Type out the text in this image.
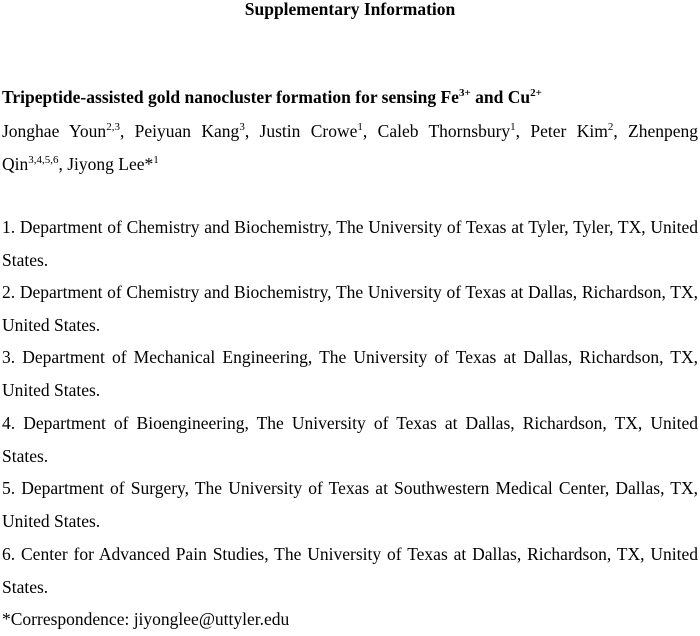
Supplementary Information
Tripeptide-assisted gold nanocluster formation for sensing $Fe^{3+}$ and $Cu^{2+}$
Jonghae Youn$^{2,3}$, Peiyuan Kang$^3$, Justin Crowe$^1$, Caleb Thornsbury$^1$, Peter Kim$^2$, Zhenpeng Qin$^{3,4,5,6}$, Jiyong Lee*$^1$
1. Department of Chemistry and Biochemistry, The University of Texas at Tyler, Tyler, TX, United States.
2. Department of Chemistry and Biochemistry, The University of Texas at Dallas, Richardson, TX, United States.
3. Department of Mechanical Engineering, The University of Texas at Dallas, Richardson, TX, United States.
4. Department of Bioengineering, The University of Texas at Dallas, Richardson, TX, United States.
5. Department of Surgery, The University of Texas at Southwestern Medical Center, Dallas, TX, United States.
6. Center for Advanced Pain Studies, The University of Texas at Dallas, Richardson, TX, United States.
*Correspondence: jiyonglee@uttyler.edu
